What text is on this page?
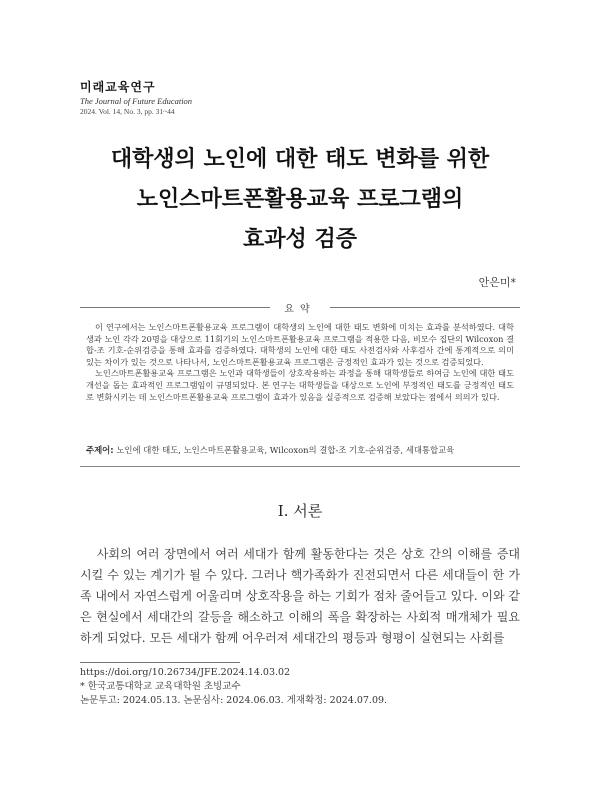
미래교육연구
The Journal of Future Education
2024. Vol. 14, No. 3, pp. 31~44
대학생의 노인에 대한 태도 변화를 위한
노인스마트폰활용교육 프로그램의
효과성 검증
안은미*
요약

이 연구에서는 노인스마트폰활용교육 프로그램이 대학생의 노인에 대한 태도 변화에 미치는 효과를 분석하였다. 대학생과 노인 각각 20명을 대상으로 11회기의 노인스마트폰활용교육 프로그램을 적용한 다음, 비모수 집단의 Wilcoxon 결합-조 기호-순위검증을 통해 효과를 검증하였다. 대학생의 노인에 대한 태도 사전검사와 사후검사 간에 통계적으로 의미있는 차이가 있는 것으로 나타나서, 노인스마트폰활용교육 프로그램은 긍정적인 효과가 있는 것으로 검증되었다.

노인스마트폰활용교육 프로그램은 노인과 대학생들이 상호작용하는 과정을 통해 대학생들로 하여금 노인에 대한 태도 개선을 돕는 효과적인 프로그램임이 규명되었다. 본 연구는 대학생들을 대상으로 노인에 부정적인 태도를 긍정적인 태도로 변화시키는 데 노인스마트폰활용교육 프로그램이 효과가 있음을 실증적으로 검증해 보았다는 점에서 의의가 있다.

주제어: 노인에 대한 태도, 노인스마트폰활용교육, Wilcoxon의 결합-조 기호-순위검증, 세대통합교육
Ⅰ. 서론

사회의 여러 장면에서 여러 세대가 함께 활동한다는 것은 상호 간의 이해를 증대시킬 수 있는 계기가 될 수 있다. 그러나 핵가족화가 진전되면서 다른 세대들이 한 가족 내에서 자연스럽게 어울리며 상호작용을 하는 기회가 점차 줄어들고 있다. 이와 같은 현실에서 세대간의 갈등을 해소하고 이해의 폭을 확장하는 사회적 매개체가 필요하게 되었다. 모든 세대가 함께 어우러져 세대간의 평등과 형평이 실현되는 사회를

https://doi.org/10.26734/JFE.2024.14.03.02
* 한국교통대학교 교육대학원 초빙교수
논문투고: 2024.05.13. 논문심사: 2024.06.03. 게재확정: 2024.07.09.
